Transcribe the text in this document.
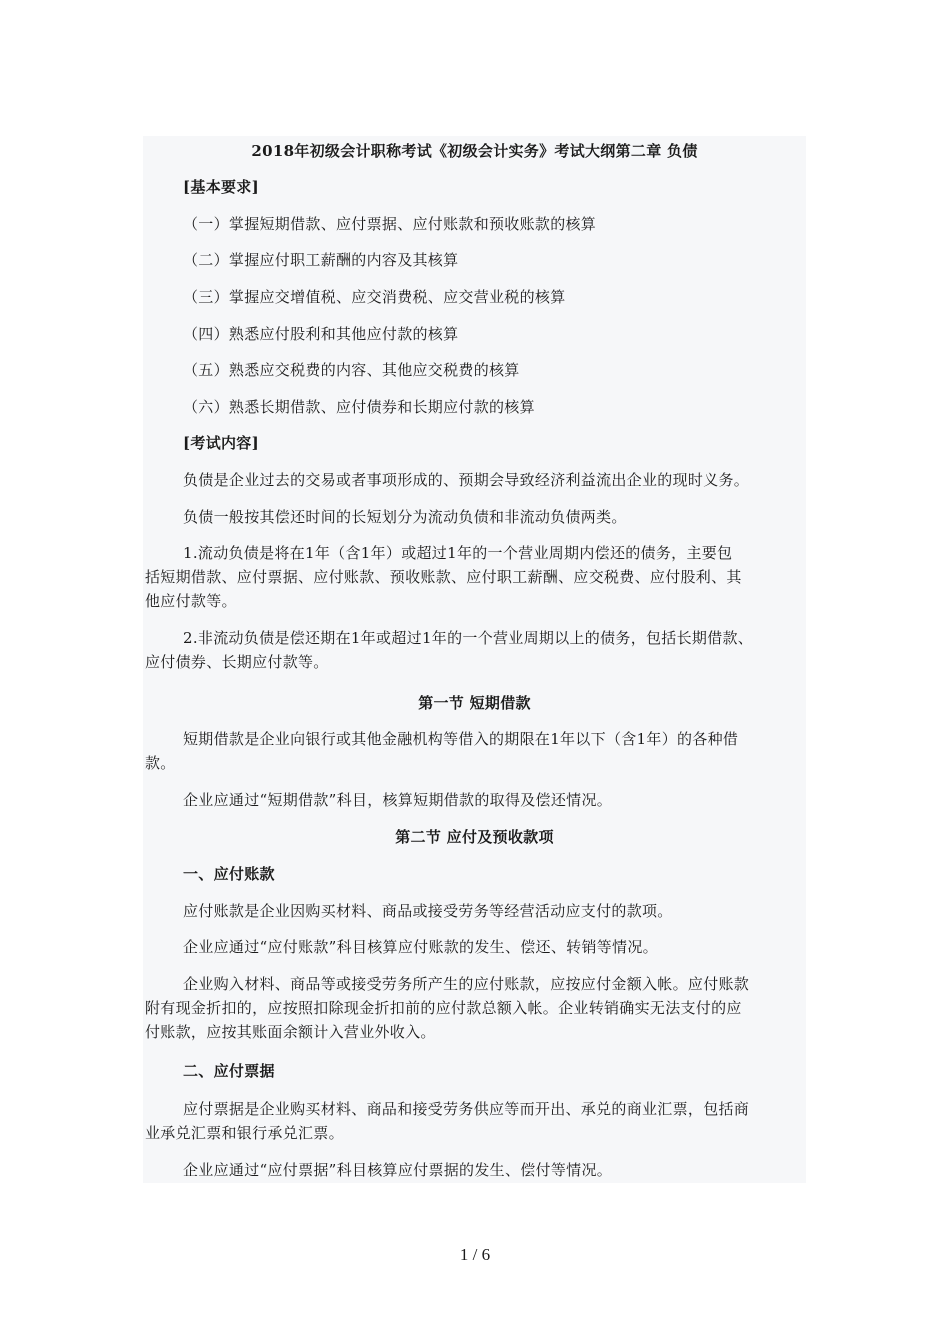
2018年初级会计职称考试《初级会计实务》考试大纲第二章 负债
[基本要求]
（一）掌握短期借款、应付票据、应付账款和预收账款的核算
（二）掌握应付职工薪酬的内容及其核算
（三）掌握应交增值税、应交消费税、应交营业税的核算
（四）熟悉应付股利和其他应付款的核算
（五）熟悉应交税费的内容、其他应交税费的核算
（六）熟悉长期借款、应付债券和长期应付款的核算
[考试内容]
负债是企业过去的交易或者事项形成的、预期会导致经济利益流出企业的现时义务。
负债一般按其偿还时间的长短划分为流动负债和非流动负债两类。
1.流动负债是将在1年（含1年）或超过1年的一个营业周期内偿还的债务，主要包
括短期借款、应付票据、应付账款、预收账款、应付职工薪酬、应交税费、应付股利、其
他应付款等。
2.非流动负债是偿还期在1年或超过1年的一个营业周期以上的债务，包括长期借款、
应付债券、长期应付款等。
第一节 短期借款
短期借款是企业向银行或其他金融机构等借入的期限在1年以下（含1年）的各种借
款。
企业应通过“短期借款”科目，核算短期借款的取得及偿还情况。
第二节 应付及预收款项
一、应付账款
应付账款是企业因购买材料、商品或接受劳务等经营活动应支付的款项。
企业应通过“应付账款”科目核算应付账款的发生、偿还、转销等情况。
企业购入材料、商品等或接受劳务所产生的应付账款，应按应付金额入帐。应付账款
附有现金折扣的，应按照扣除现金折扣前的应付款总额入帐。企业转销确实无法支付的应
付账款，应按其账面余额计入营业外收入。
二、应付票据
应付票据是企业购买材料、商品和接受劳务供应等而开出、承兑的商业汇票，包括商
业承兑汇票和银行承兑汇票。
企业应通过“应付票据”科目核算应付票据的发生、偿付等情况。
1 / 6
